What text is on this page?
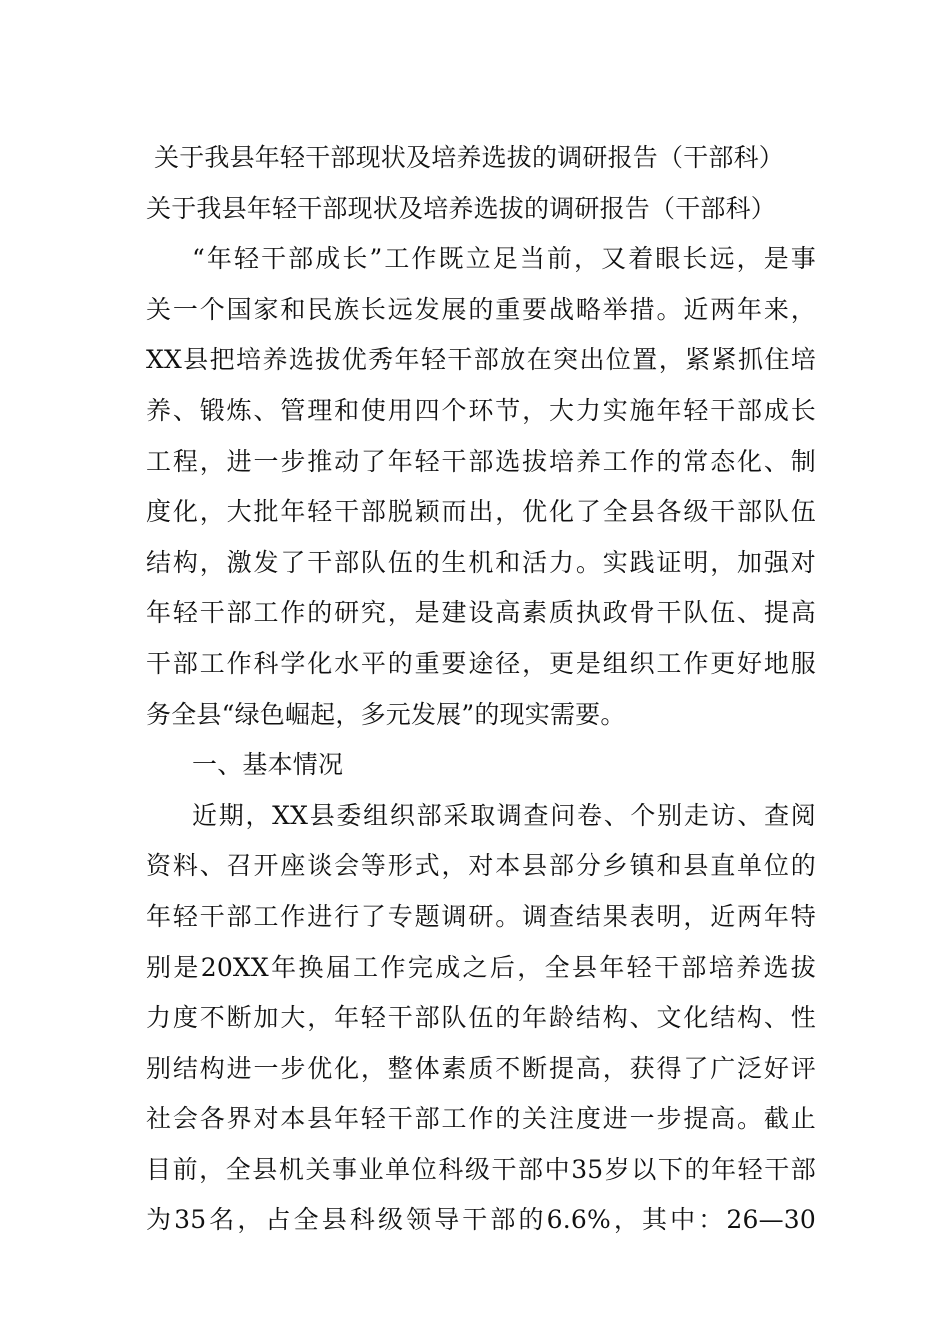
关于我县年轻干部现状及培养选拔的调研报告（干部科）
关于我县年轻干部现状及培养选拔的调研报告（干部科）
“年轻干部成长”工作既立足当前，又着眼长远，是事
关一个国家和民族长远发展的重要战略举措。近两年来，
XX县把培养选拔优秀年轻干部放在突出位置，紧紧抓住培
养、锻炼、管理和使用四个环节，大力实施年轻干部成长
工程，进一步推动了年轻干部选拔培养工作的常态化、制
度化，大批年轻干部脱颖而出，优化了全县各级干部队伍
结构，激发了干部队伍的生机和活力。实践证明，加强对
年轻干部工作的研究，是建设高素质执政骨干队伍、提高
干部工作科学化水平的重要途径，更是组织工作更好地服
务全县“绿色崛起，多元发展”的现实需要。
一、基本情况
近期，XX县委组织部采取调查问卷、个别走访、查阅
资料、召开座谈会等形式，对本县部分乡镇和县直单位的
年轻干部工作进行了专题调研。调查结果表明，近两年特
别是20XX年换届工作完成之后，全县年轻干部培养选拔
力度不断加大，年轻干部队伍的年龄结构、文化结构、性
别结构进一步优化，整体素质不断提高，获得了广泛好评
社会各界对本县年轻干部工作的关注度进一步提高。截止
目前，全县机关事业单位科级干部中35岁以下的年轻干部
为35名，占全县科级领导干部的6.6%，其中：26—30
